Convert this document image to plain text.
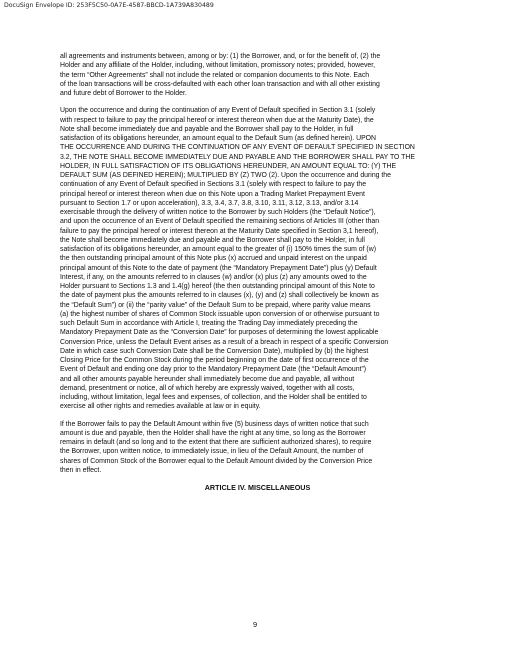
DocuSign Envelope ID: 253F5C50-0A7E-4587-BBCD-1A739A830489

all agreements and instruments between, among or by: (1) the Borrower, and, or for the benefit of, (2) the
Holder and any affiliate of the Holder, including, without limitation, promissory notes; provided, however,
the term “Other Agreements” shall not include the related or companion documents to this Note. Each
of the loan transactions will be cross-defaulted with each other loan transaction and with all other existing
and future debt of Borrower to the Holder.

Upon the occurrence and during the continuation of any Event of Default specified in Section 3.1 (solely
with respect to failure to pay the principal hereof or interest thereon when due at the Maturity Date), the
Note shall become immediately due and payable and the Borrower shall pay to the Holder, in full
satisfaction of its obligations hereunder, an amount equal to the Default Sum (as defined herein). UPON
THE OCCURRENCE AND DURING THE CONTINUATION OF ANY EVENT OF DEFAULT SPECIFIED IN SECTION
3.2, THE NOTE SHALL BECOME IMMEDIATELY DUE AND PAYABLE AND THE BORROWER SHALL PAY TO THE
HOLDER, IN FULL SATISFACTION OF ITS OBLIGATIONS HEREUNDER, AN AMOUNT EQUAL TO: (Y) THE
DEFAULT SUM (AS DEFINED HEREIN); MULTIPLIED BY (Z) TWO (2). Upon the occurrence and during the
continuation of any Event of Default specified in Sections 3.1 (solely with respect to failure to pay the
principal hereof or interest thereon when due on this Note upon a Trading Market Prepayment Event
pursuant to Section 1.7 or upon acceleration), 3.3, 3.4, 3.7, 3.8, 3.10, 3.11, 3.12, 3.13, and/or 3.14
exercisable through the delivery of written notice to the Borrower by such Holders (the “Default Notice”),
and upon the occurrence of an Event of Default specified the remaining sections of Articles III (other than
failure to pay the principal hereof or interest thereon at the Maturity Date specified in Section 3,1 hereof),
the Note shall become immediately due and payable and the Borrower shall pay to the Holder, in full
satisfaction of its obligations hereunder, an amount equal to the greater of (i) 150% times the sum of (w)
the then outstanding principal amount of this Note plus (x) accrued and unpaid interest on the unpaid
principal amount of this Note to the date of payment (the “Mandatory Prepayment Date”) plus (y) Default
Interest, if any, on the amounts referred to in clauses (w) and/or (x) plus (z) any amounts owed to the
Holder pursuant to Sections 1.3 and 1.4(g) hereof (the then outstanding principal amount of this Note to
the date of payment plus the amounts referred to in clauses (x), (y) and (z) shall collectively be known as
the “Default Sum”) or (ii) the “parity value” of the Default Sum to be prepaid, where parity value means
(a) the highest number of shares of Common Stock issuable upon conversion of or otherwise pursuant to
such Default Sum in accordance with Article I, treating the Trading Day immediately preceding the
Mandatory Prepayment Date as the “Conversion Date” for purposes of determining the lowest applicable
Conversion Price, unless the Default Event arises as a result of a breach in respect of a specific Conversion
Date in which case such Conversion Date shall be the Conversion Date), multiplied by (b) the highest
Closing Price for the Common Stock during the period beginning on the date of first occurrence of the
Event of Default and ending one day prior to the Mandatory Prepayment Date (the “Default Amount”)
and all other amounts payable hereunder shall immediately become due and payable, all without
demand, presentment or notice, all of which hereby are expressly waived, together with all costs,
including, without limitation, legal fees and expenses, of collection, and the Holder shall be entitled to
exercise all other rights and remedies available at law or in equity.

If the Borrower fails to pay the Default Amount within five (5) business days of written notice that such
amount is due and payable, then the Holder shall have the right at any time, so long as the Borrower
remains in default (and so long and to the extent that there are sufficient authorized shares), to require
the Borrower, upon written notice, to immediately issue, in lieu of the Default Amount, the number of
shares of Common Stock of the Borrower equal to the Default Amount divided by the Conversion Price
then in effect.

ARTICLE IV. MISCELLANEOUS
9
